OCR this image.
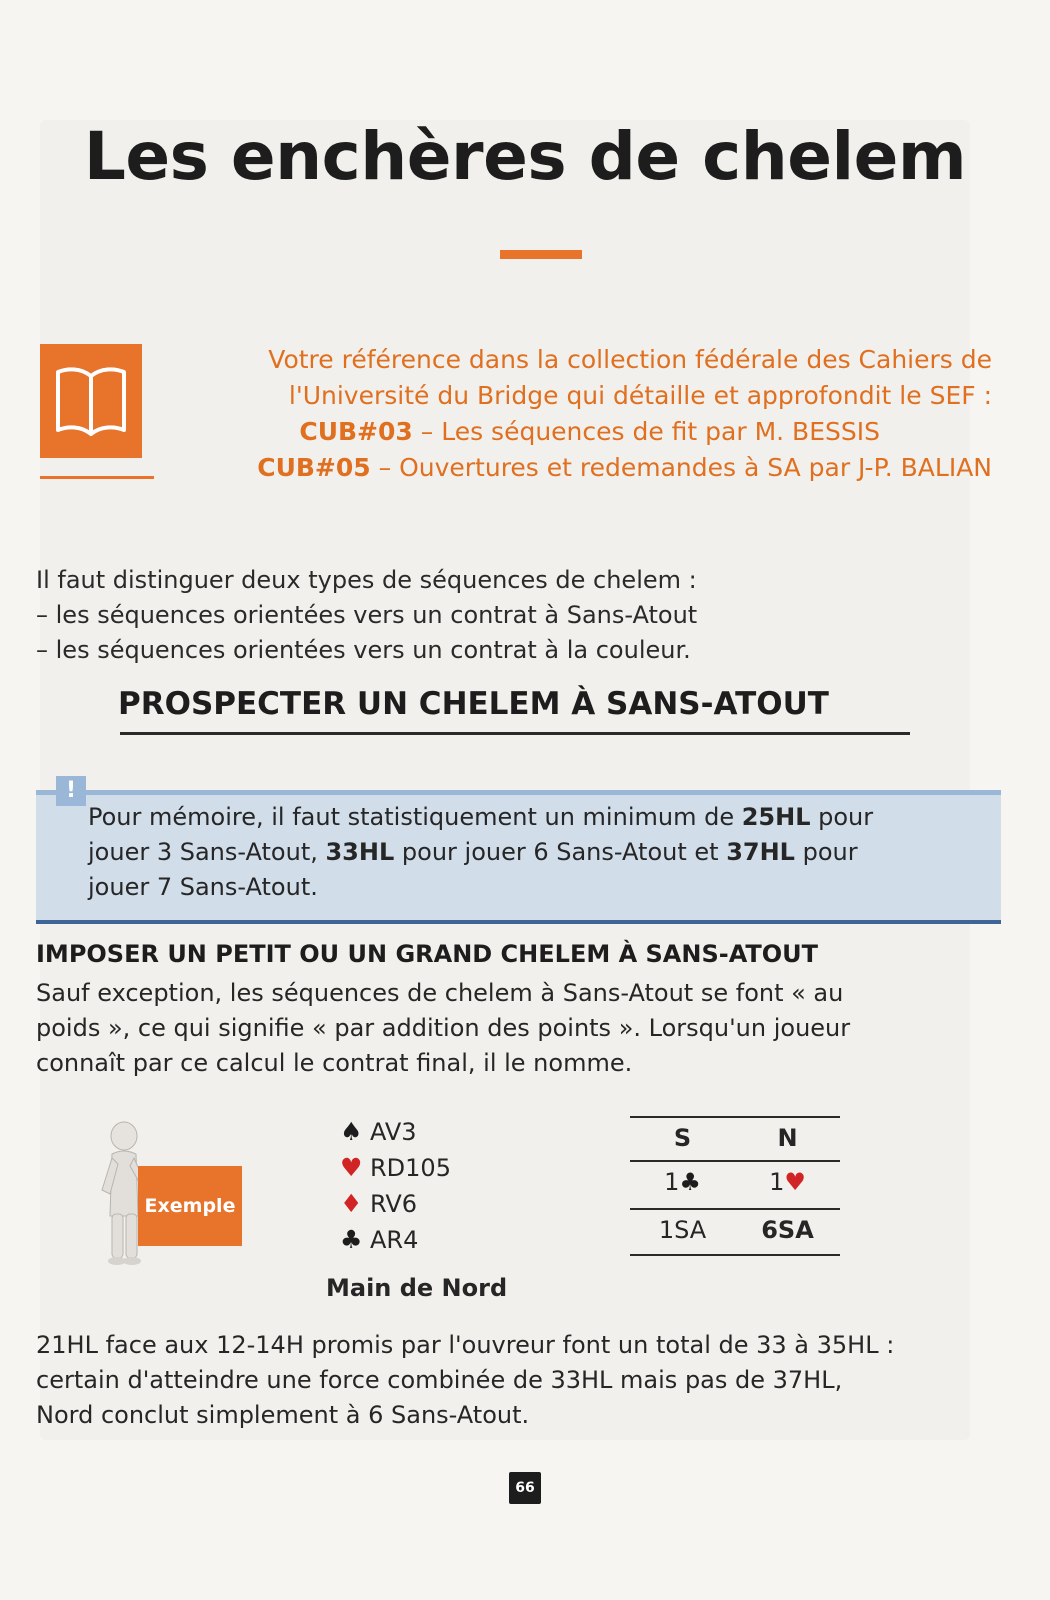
Les enchères de chelem
Votre référence dans la collection fédérale des Cahiers de
l'Université du Bridge qui détaille et approfondit le SEF :
CUB#03 – Les séquences de fit par M. BESSIS
CUB#05 – Ouvertures et redemandes à SA par J-P. BALIAN
Il faut distinguer deux types de séquences de chelem :
– les séquences orientées vers un contrat à Sans-Atout
– les séquences orientées vers un contrat à la couleur.
PROSPECTER UN CHELEM À SANS-ATOUT
!
Pour mémoire, il faut statistiquement un minimum de 25HL pour
jouer 3 Sans-Atout, 33HL pour jouer 6 Sans-Atout et 37HL pour
jouer 7 Sans-Atout.
IMPOSER UN PETIT OU UN GRAND CHELEM À SANS-ATOUT
Sauf exception, les séquences de chelem à Sans-Atout se font « au
poids », ce qui signifie « par addition des points ». Lorsqu'un joueur
connaît par ce calcul le contrat final, il le nomme.
Exemple
♠ AV3
♥ RD105
♦ RV6
♣ AR4
Main de Nord
S	N
1♣	1♥
1SA	6SA
21HL face aux 12-14H promis par l'ouvreur font un total de 33 à 35HL :
certain d'atteindre une force combinée de 33HL mais pas de 37HL,
Nord conclut simplement à 6 Sans-Atout.
66
